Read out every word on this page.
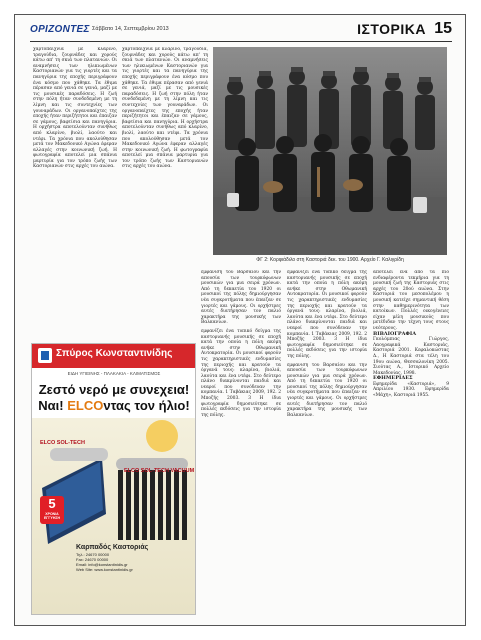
ΟΡΙΖΟΝΤΕΣ Σάββατο 14, Σεπτεμβρίου 2013	ΙΣΤΟΡΙΚΑ 15

χαρτοπαίχνια με κλαρίνο, τραγούδια, ζουρνάδες και χορούς κάτω απ' τη σκιά των πλατανιών. Οι αναμνήσεις των ηλικιωμένων Καστοριανών για τις γιορτές και τα πανηγύρια της εποχής περιγράφουν ένα κόσμο που χάθηκε. Τα έθιμα πέρασαν από γενιά σε γενιά, μαζί με τις μουσικές παραδόσεις. Η ζωή στην πόλη ήταν συνδεδεμένη με τη λίμνη και τις συντεχνίες των γουναράδων. Οι οργανοπαίχτες της εποχής ήταν περιζήτητοι και έπαιζαν σε γάμους, βαφτίσια και πανηγύρια. Η ορχήστρα αποτελούνταν συνήθως από κλαρίνο, βιολί, λαούτο και ντέφι. Τα χρόνια που ακολούθησαν μετά τον Μακεδονικό Αγώνα έφεραν αλλαγές στην κοινωνική ζωή. Η φωτογραφία αποτελεί μια σπάνια μαρτυρία για τον τρόπο ζωής των Καστοριανών στις αρχές του αιώνα.

χαρτοπαίχνια με κλαρίνο, τραγούδια, ζουρνάδες και χορούς κάτω απ' τη σκιά των πλατανιών. Οι αναμνήσεις των ηλικιωμένων Καστοριανών για τις γιορτές και τα πανηγύρια της εποχής περιγράφουν ένα κόσμο που χάθηκε. Τα έθιμα πέρασαν από γενιά σε γενιά, μαζί με τις μουσικές παραδόσεις. Η ζωή στην πόλη ήταν συνδεδεμένη με τη λίμνη και τις συντεχνίες των γουναράδων. Οι οργανοπαίχτες της εποχής ήταν περιζήτητοι και έπαιζαν σε γάμους, βαφτίσια και πανηγύρια. Η ορχήστρα αποτελούνταν συνήθως από κλαρίνο, βιολί, λαούτο και ντέφι. Τα χρόνια που ακολούθησαν μετά τον Μακεδονικό Αγώνα έφεραν αλλαγές στην κοινωνική ζωή. Η φωτογραφία αποτελεί μια σπάνια μαρτυρία για τον τρόπο ζωής των Καστοριανών στις αρχές του αιώνα.

ΦΓ 2: Κορφιάδιλο στη Καστοριά δεκ. του 1900. Αρχείο Γ. Καλιγρίδη

εμφανιση του Βαρσαίου και την απουσία των τουρκόφωνων μουσικών για μια σειρά χρόνων. Από τη δεκαετία του 1920 οι μουσικοί της πόλης δημιούργησαν νέα συγκροτήματα που έπαιζαν σε γιορτές και γάμους. Οι ορχήστρες αυτές διατήρησαν τον παλιό χαρακτήρα της μουσικής των Βαλκανίων.

εμφανίζει ένα τυπικό δείγμα της καστοριανής μουσικής σε εποχή κατά την οποία η πόλη ακόμη ανήκε στην Οθωμανική Αυτοκρατορία. Οι μουσικοί φορούν τις χαρακτηριστικές ενδυμασίες της περιοχής και κρατούν τα όργανά τους: κλαρίνα, βιολιά, λαούτα και ένα ντέφι. Στο δεύτερο πλάνο διακρίνονται παιδιά και νεαροί που συνόδευαν την κομπανία. 1 Ταβάκιας 2009, 192. 2 Μποζής 2003. 3 Η ίδια φωτογραφία δημοσιεύτηκε σε πολλές εκδόσεις για την ιστορία της πόλης.

εμφανίζει ένα τυπικό δείγμα της καστοριανής μουσικής σε εποχή κατά την οποία η πόλη ακόμη ανήκε στην Οθωμανική Αυτοκρατορία. Οι μουσικοί φορούν τις χαρακτηριστικές ενδυμασίες της περιοχής και κρατούν τα όργανά τους: κλαρίνα, βιολιά, λαούτα και ένα ντέφι. Στο δεύτερο πλάνο διακρίνονται παιδιά και νεαροί που συνόδευαν την κομπανία. 1 Ταβάκιας 2009, 192. 2 Μποζής 2003. 3 Η ίδια φωτογραφία δημοσιεύτηκε σε πολλές εκδόσεις για την ιστορία της πόλης.

εμφανιση του Βαρσαίου και την απουσία των τουρκόφωνων μουσικών για μια σειρά χρόνων. Από τη δεκαετία του 1920 οι μουσικοί της πόλης δημιούργησαν νέα συγκροτήματα που έπαιζαν σε γιορτές και γάμους. Οι ορχήστρες αυτές διατήρησαν τον παλιό χαρακτήρα της μουσικής των Βαλκανίων.

αποτελεί ένα από τα πιο ενδιαφέροντα τεκμήρια για τη μουσική ζωή της Καστοριάς στις αρχές του 20ού αιώνα. Στην Καστοριά του μεσοπολέμου η μουσική κατείχε σημαντική θέση στην καθημερινότητα των κατοίκων. Πολλές οικογένειες είχαν μέλη μουσικούς που μετέδιδαν την τέχνη τους στους νεότερους.

ΒΙΒΛΙΟΓΡΑΦΙΑ

Γκολόμπιας Γιώργος, Λαογραφικά Καστοριάς, Καστοριά 2001. Κεφαλοκώστας Δ., Η Καστοριά στα τέλη του 19ου αιώνα, Θεσσαλονίκη 2005. Σιούτας Α., Ιστορικό Αρχείο Μακεδονίας, 1998.

ΕΦΗΜΕΡΙΔΕΣ

Εφημερίδα «Καστοριά», 9 Απριλίου 1930. Εφημερίδα «Μάχη», Καστοριά 1955.

Σπύρος Κωνσταντινίδης
ΕΙΔΗ ΥΓΙΕΙΝΗΣ - ΠΛΑΚΑΚΙΑ - ΚΛΙΜΑΤΙΣΜΟΣ
Ζεστό νερό με συνεχεια!
Ναι! ELCOντας τον ήλιο!
ELCO SOL-TECH
ELCO SOL-TECH VACUUM
5
ΧΡΟΝΙΑ ΕΓΓΥΗΣΗ
Καρπαδός Καστοριάς
Τηλ.: 24670 00000
Fax: 24670 00000
Email: info@konstantinidis.gr
Web Site: www.konstantinidis.gr
